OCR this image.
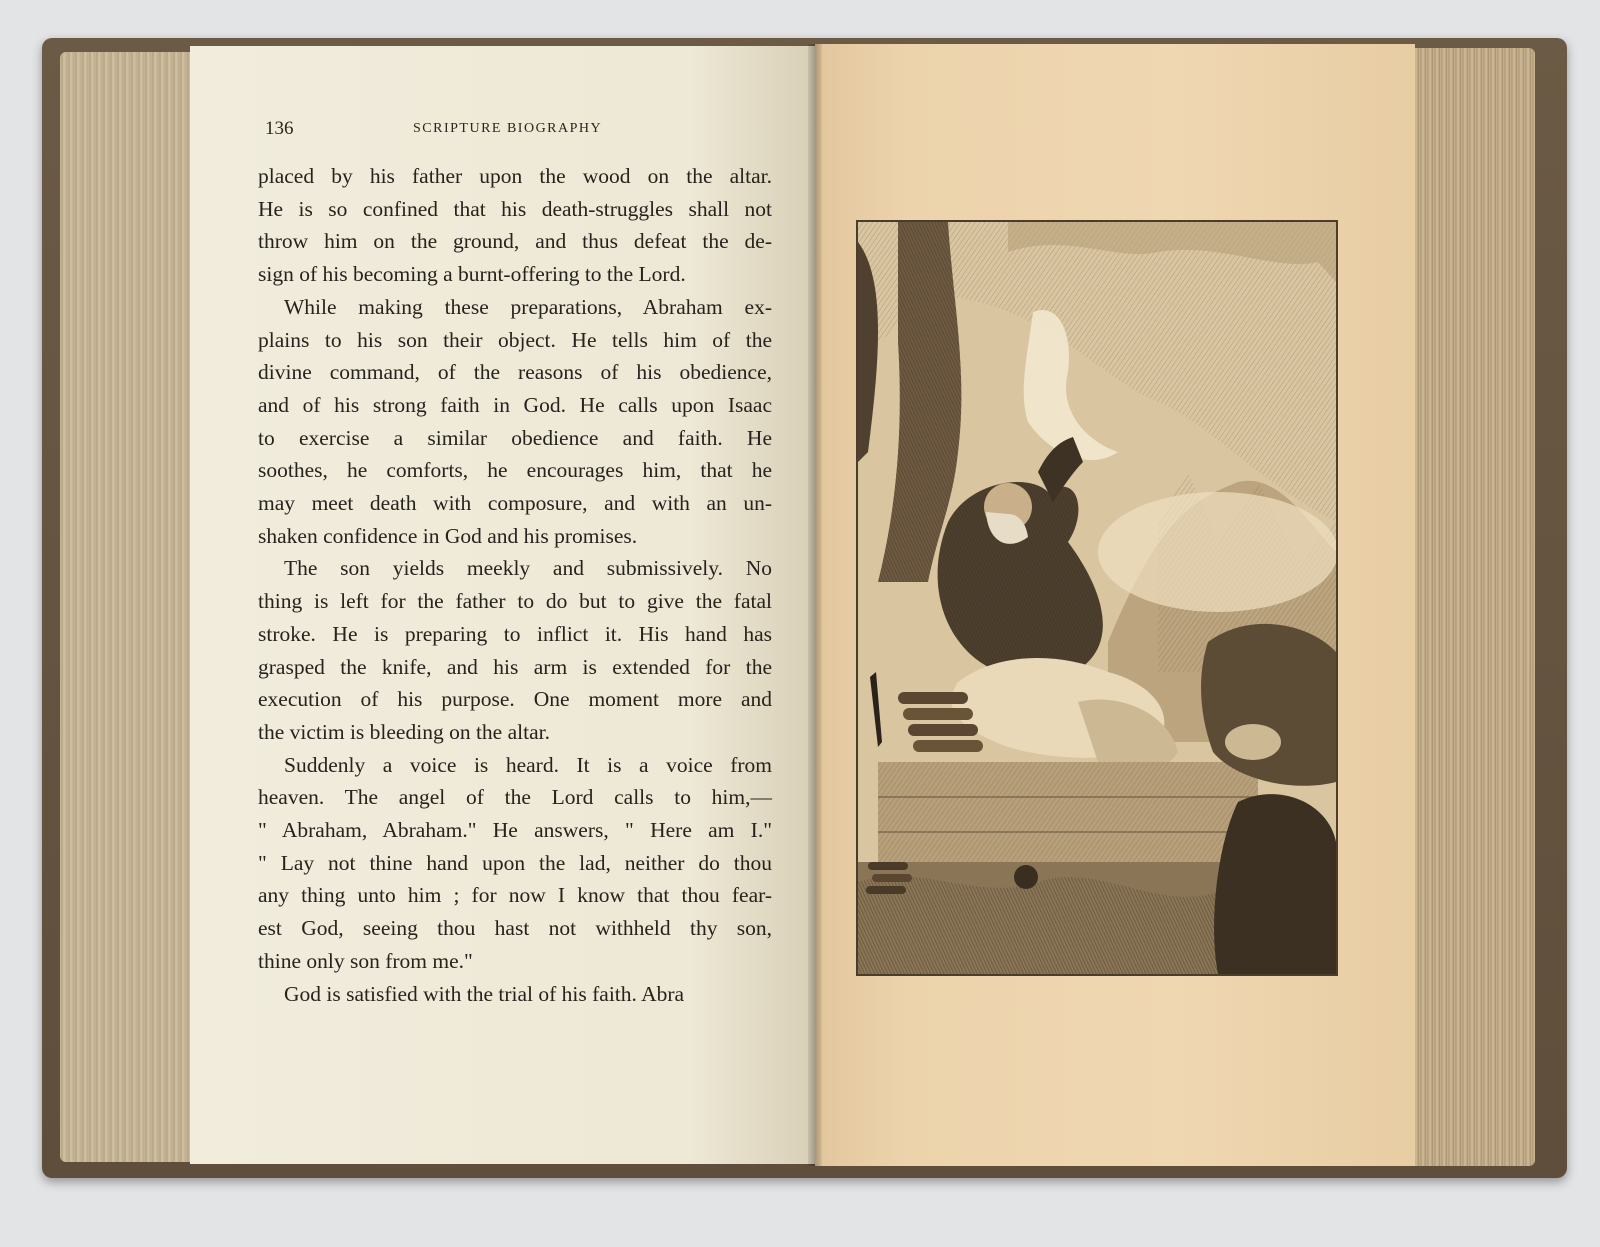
136	SCRIPTURE BIOGRAPHY
placed by his father upon the wood on the altar.
He is so confined that his death-struggles shall not
throw him on the ground, and thus defeat the de-
sign of his becoming a burnt-offering to the Lord.
While making these preparations, Abraham ex-
plains to his son their object. He tells him of the
divine command, of the reasons of his obedience,
and of his strong faith in God. He calls upon Isaac
to exercise a similar obedience and faith. He
soothes, he comforts, he encourages him, that he
may meet death with composure, and with an un-
shaken confidence in God and his promises.
The son yields meekly and submissively. No
thing is left for the father to do but to give the fatal
stroke. He is preparing to inflict it. His hand has
grasped the knife, and his arm is extended for the
execution of his purpose. One moment more and
the victim is bleeding on the altar.
Suddenly a voice is heard. It is a voice from
heaven. The angel of the Lord calls to him,—
" Abraham, Abraham." He answers, " Here am I."
" Lay not thine hand upon the lad, neither do thou
any thing unto him ; for now I know that thou fear-
est God, seeing thou hast not withheld thy son,
thine only son from me."
God is satisfied with the trial of his faith. Abra
